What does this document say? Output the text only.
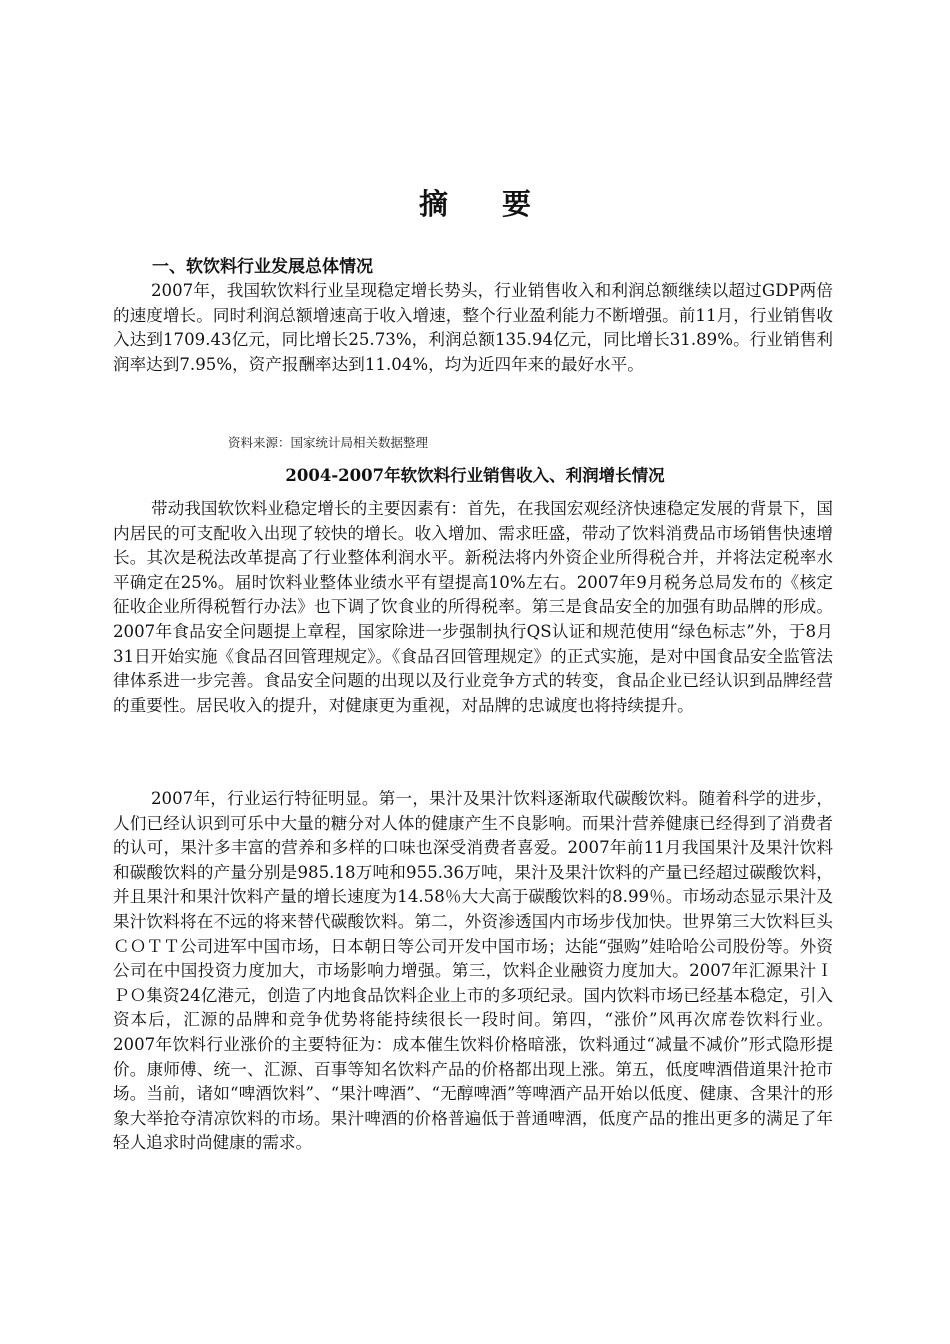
摘 要
一、软饮料行业发展总体情况

2007年，我国软饮料行业呈现稳定增长势头，行业销售收入和利润总额继续以超过GDP两倍的速度增长。同时利润总额增速高于收入增速，整个行业盈利能力不断增强。前11月，行业销售收入达到1709.43亿元，同比增长25.73%，利润总额135.94亿元，同比增长31.89%。行业销售利润率达到7.95%，资产报酬率达到11.04%，均为近四年来的最好水平。

资料来源：国家统计局相关数据整理
2004-2007年软饮料行业销售收入、利润增长情况

带动我国软饮料业稳定增长的主要因素有：首先，在我国宏观经济快速稳定发展的背景下，国内居民的可支配收入出现了较快的增长。收入增加、需求旺盛，带动了饮料消费品市场销售快速增长。其次是税法改革提高了行业整体利润水平。新税法将内外资企业所得税合并，并将法定税率水平确定在25%。届时饮料业整体业绩水平有望提高10%左右。2007年9月税务总局发布的《核定征收企业所得税暂行办法》也下调了饮食业的所得税率。第三是食品安全的加强有助品牌的形成。2007年食品安全问题提上章程，国家除进一步强制执行QS认证和规范使用“绿色标志”外，于8月31日开始实施《食品召回管理规定》。《食品召回管理规定》的正式实施，是对中国食品安全监管法律体系进一步完善。食品安全问题的出现以及行业竞争方式的转变，食品企业已经认识到品牌经营的重要性。居民收入的提升，对健康更为重视，对品牌的忠诚度也将持续提升。

2007年，行业运行特征明显。第一，果汁及果汁饮料逐渐取代碳酸饮料。随着科学的进步，人们已经认识到可乐中大量的糖分对人体的健康产生不良影响。而果汁营养健康已经得到了消费者的认可，果汁多丰富的营养和多样的口味也深受消费者喜爱。2007年前11月我国果汁及果汁饮料和碳酸饮料的产量分别是985.18万吨和955.36万吨，果汁及果汁饮料的产量已经超过碳酸饮料，并且果汁和果汁饮料产量的增长速度为14.58％大大高于碳酸饮料的8.99％。市场动态显示果汁及果汁饮料将在不远的将来替代碳酸饮料。第二，外资渗透国内市场步伐加快。世界第三大饮料巨头ＣＯＴＴ公司进军中国市场，日本朝日等公司开发中国市场；达能“强购”娃哈哈公司股份等。外资公司在中国投资力度加大，市场影响力增强。第三，饮料企业融资力度加大。2007年汇源果汁ＩＰＯ集资24亿港元，创造了内地食品饮料企业上市的多项纪录。国内饮料市场已经基本稳定，引入资本后，汇源的品牌和竞争优势将能持续很长一段时间。第四，“涨价”风再次席卷饮料行业。2007年饮料行业涨价的主要特征为：成本催生饮料价格暗涨，饮料通过“减量不减价”形式隐形提价。康师傅、统一、汇源、百事等知名饮料产品的价格都出现上涨。第五，低度啤酒借道果汁抢市场。当前，诸如“啤酒饮料”、“果汁啤酒”、“无醇啤酒”等啤酒产品开始以低度、健康、含果汁的形象大举抢夺清凉饮料的市场。果汁啤酒的价格普遍低于普通啤酒，低度产品的推出更多的满足了年轻人追求时尚健康的需求。
